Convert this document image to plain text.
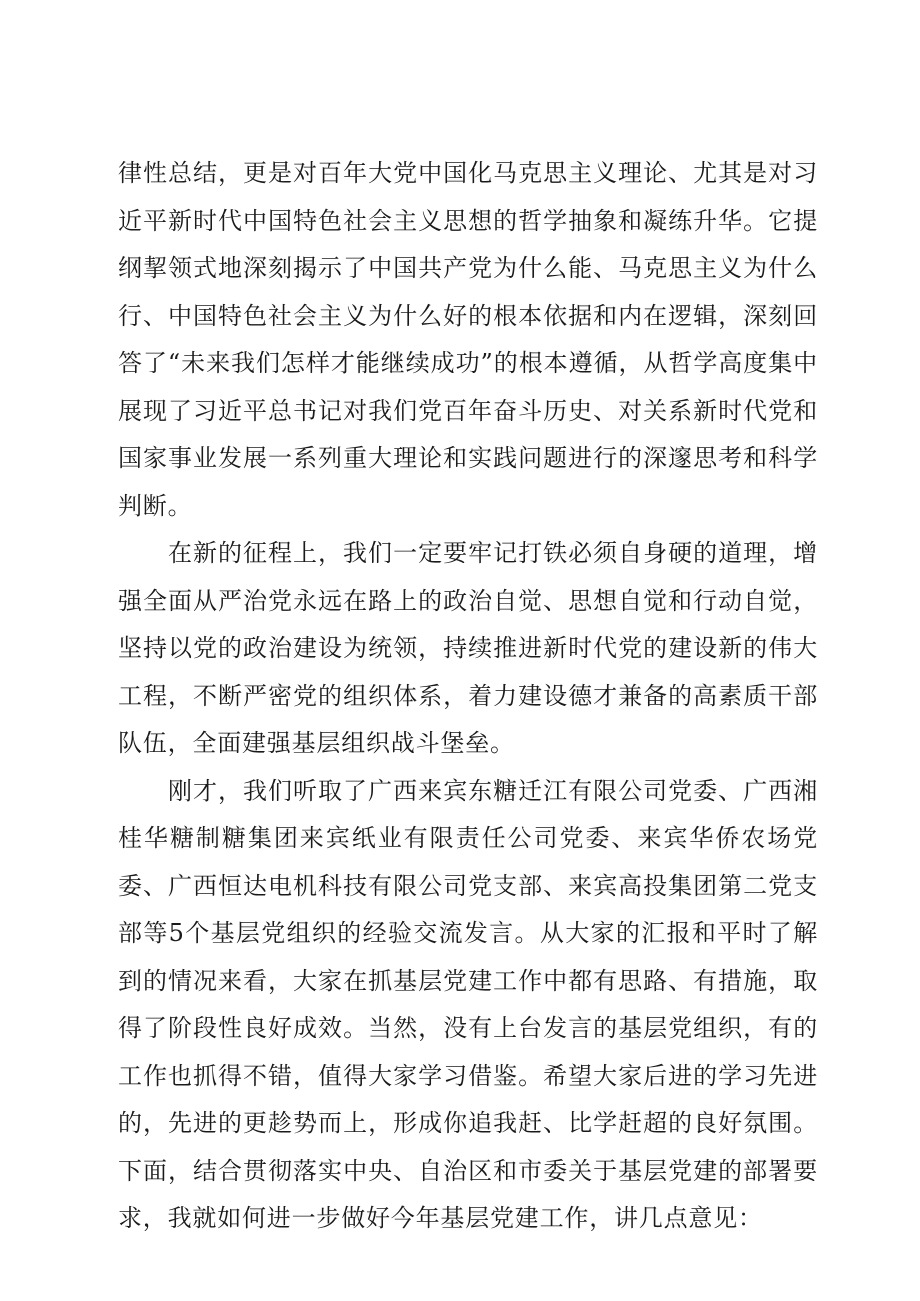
律性总结，更是对百年大党中国化马克思主义理论、尤其是对习近平新时代中国特色社会主义思想的哲学抽象和凝练升华。它提纲挈领式地深刻揭示了中国共产党为什么能、马克思主义为什么行、中国特色社会主义为什么好的根本依据和内在逻辑，深刻回答了“未来我们怎样才能继续成功”的根本遵循，从哲学高度集中展现了习近平总书记对我们党百年奋斗历史、对关系新时代党和国家事业发展一系列重大理论和实践问题进行的深邃思考和科学判断。

在新的征程上，我们一定要牢记打铁必须自身硬的道理，增强全面从严治党永远在路上的政治自觉、思想自觉和行动自觉，坚持以党的政治建设为统领，持续推进新时代党的建设新的伟大工程，不断严密党的组织体系，着力建设德才兼备的高素质干部队伍，全面建强基层组织战斗堡垒。

刚才，我们听取了广西来宾东糖迁江有限公司党委、广西湘桂华糖制糖集团来宾纸业有限责任公司党委、来宾华侨农场党委、广西恒达电机科技有限公司党支部、来宾高投集团第二党支部等5个基层党组织的经验交流发言。从大家的汇报和平时了解到的情况来看，大家在抓基层党建工作中都有思路、有措施，取得了阶段性良好成效。当然，没有上台发言的基层党组织，有的工作也抓得不错，值得大家学习借鉴。希望大家后进的学习先进的，先进的更趁势而上，形成你追我赶、比学赶超的良好氛围。下面，结合贯彻落实中央、自治区和市委关于基层党建的部署要求，我就如何进一步做好今年基层党建工作，讲几点意见：
